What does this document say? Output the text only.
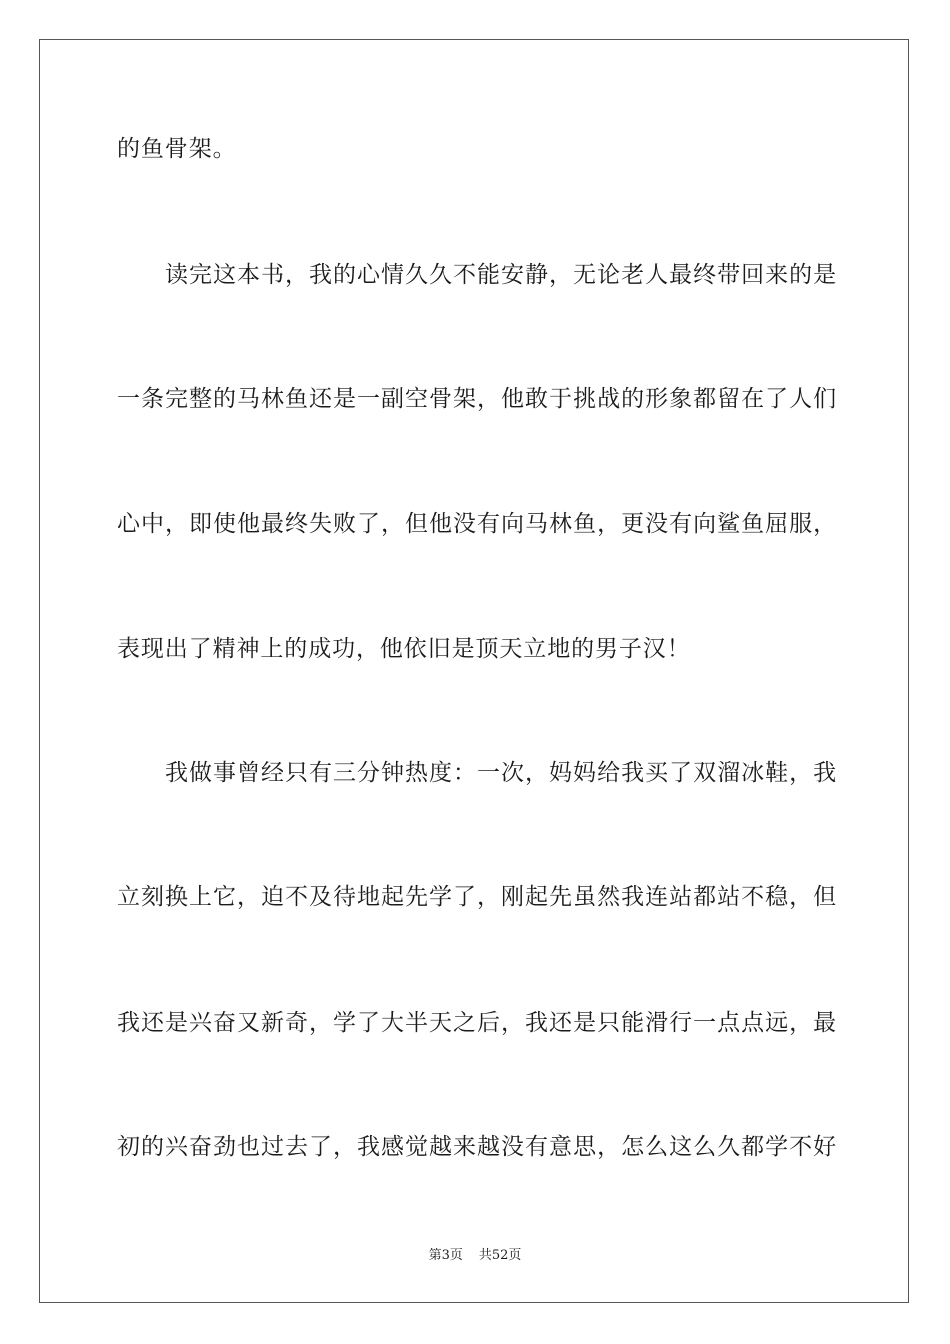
的鱼骨架。
读完这本书，我的心情久久不能安静，无论老人最终带回来的是
一条完整的马林鱼还是一副空骨架，他敢于挑战的形象都留在了人们
心中，即使他最终失败了，但他没有向马林鱼，更没有向鲨鱼屈服，
表现出了精神上的成功，他依旧是顶天立地的男子汉！
我做事曾经只有三分钟热度：一次，妈妈给我买了双溜冰鞋，我
立刻换上它，迫不及待地起先学了，刚起先虽然我连站都站不稳，但
我还是兴奋又新奇，学了大半天之后，我还是只能滑行一点点远，最
初的兴奋劲也过去了，我感觉越来越没有意思，怎么这么久都学不好
第3页 共52页
